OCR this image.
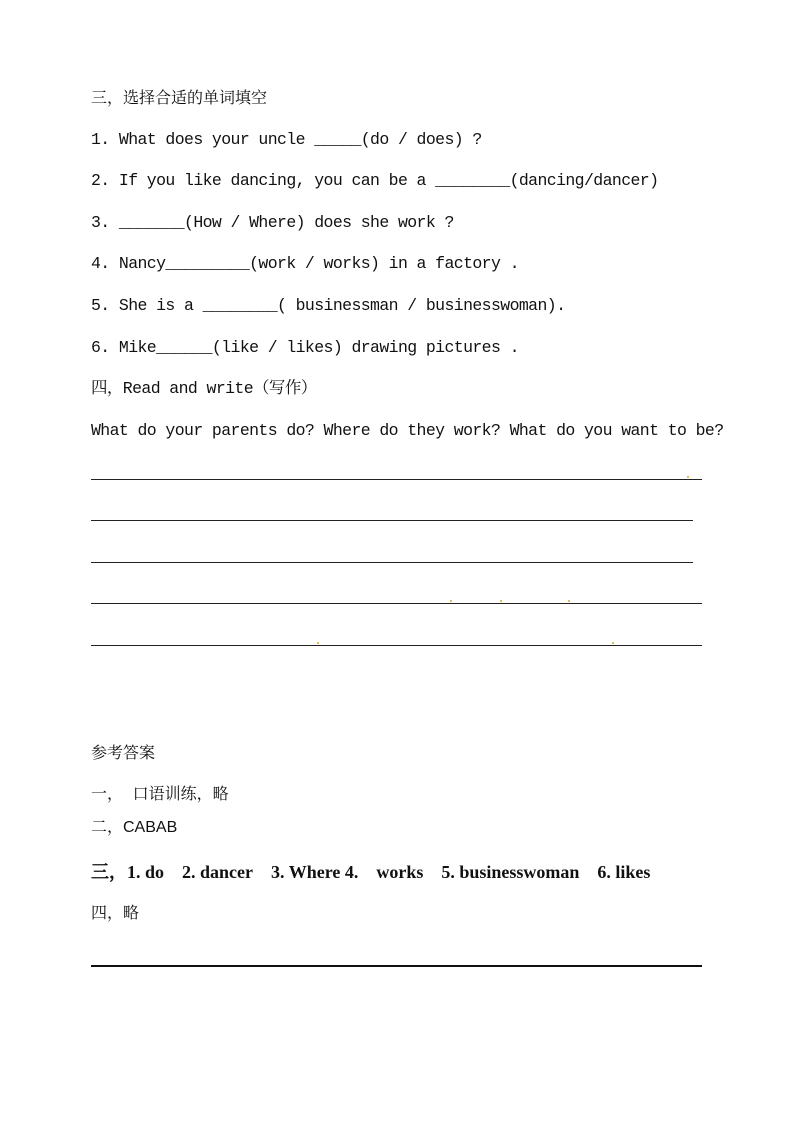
三，选择合适的单词填空
1. What does your uncle _____(do / does) ?
2. If you like dancing, you can be a ________(dancing/dancer)
3. _______(How / Where) does she work ?
4. Nancy_________(work / works) in a factory .
5. She is a ________( businessman / businesswoman).
6. Mike______(like / likes) drawing pictures .
四，Read and write（写作）
What do your parents do? Where do they work? What do you want to be?
参考答案
一， 口语训练，略
二，CABAB
三，1. do 2. dancer 3. Where 4. works 5. businesswoman 6. likes
四，略
